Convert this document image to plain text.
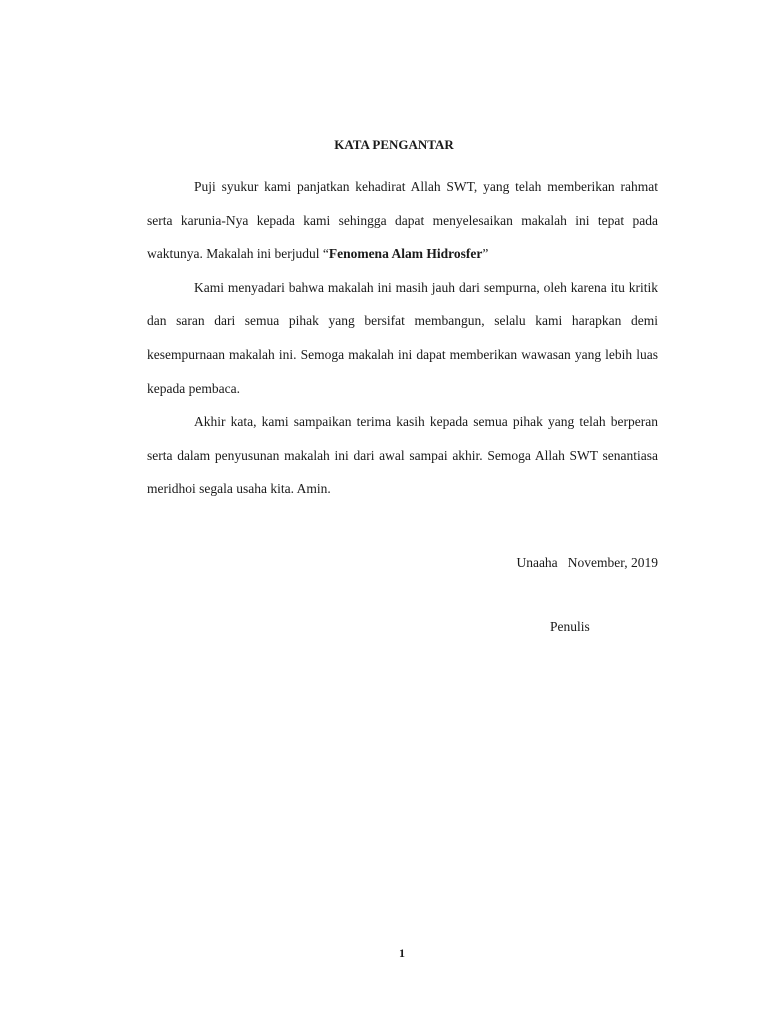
KATA PENGANTAR

Puji syukur kami panjatkan kehadirat Allah SWT, yang telah memberikan rahmat serta karunia-Nya kepada kami sehingga dapat menyelesaikan makalah ini tepat pada waktunya. Makalah ini berjudul “Fenomena Alam Hidrosfer”

Kami menyadari bahwa makalah ini masih jauh dari sempurna, oleh karena itu kritik dan saran dari semua pihak yang bersifat membangun, selalu kami harapkan demi kesempurnaan makalah ini. Semoga makalah ini dapat memberikan wawasan yang lebih luas kepada pembaca.

Akhir kata, kami sampaikan terima kasih kepada semua pihak yang telah berperan serta dalam penyusunan makalah ini dari awal sampai akhir. Semoga Allah SWT senantiasa meridhoi segala usaha kita. Amin.

Unaaha   November, 2019
Penulis
1
